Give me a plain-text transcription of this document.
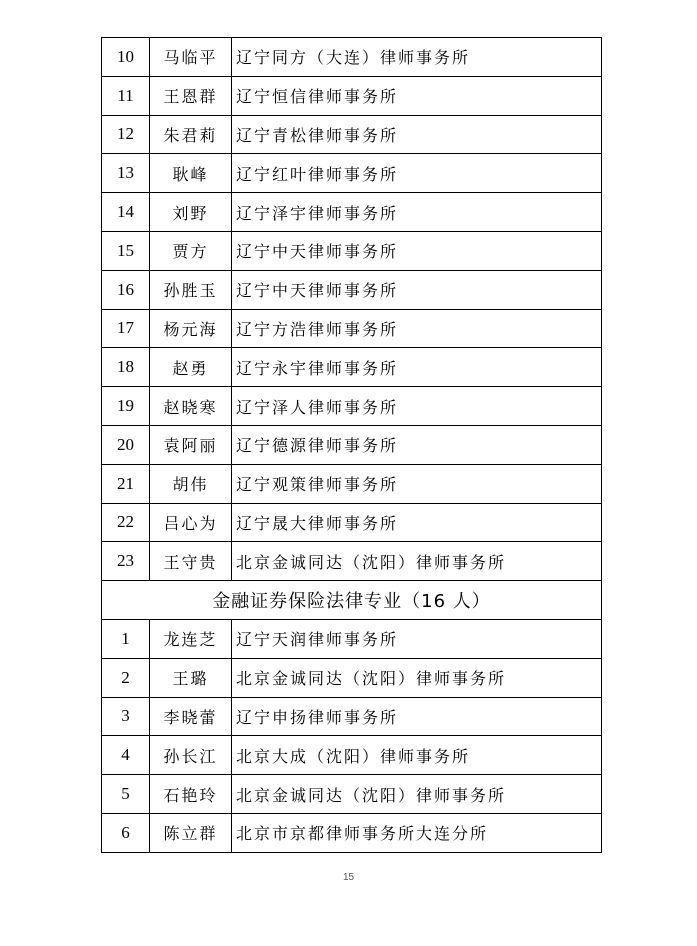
10	马临平	辽宁同方（大连）律师事务所
11	王恩群	辽宁恒信律师事务所
12	朱君莉	辽宁青松律师事务所
13	耿峰	辽宁红叶律师事务所
14	刘野	辽宁泽宇律师事务所
15	贾方	辽宁中天律师事务所
16	孙胜玉	辽宁中天律师事务所
17	杨元海	辽宁方浩律师事务所
18	赵勇	辽宁永宇律师事务所
19	赵晓寒	辽宁泽人律师事务所
20	袁阿丽	辽宁德源律师事务所
21	胡伟	辽宁观策律师事务所
22	吕心为	辽宁晟大律师事务所
23	王守贵	北京金诚同达（沈阳）律师事务所
金融证券保险法律专业（16 人）		
1	龙连芝	辽宁天润律师事务所
2	王璐	北京金诚同达（沈阳）律师事务所
3	李晓蕾	辽宁申扬律师事务所
4	孙长江	北京大成（沈阳）律师事务所
5	石艳玲	北京金诚同达（沈阳）律师事务所
6	陈立群	北京市京都律师事务所大连分所
15
